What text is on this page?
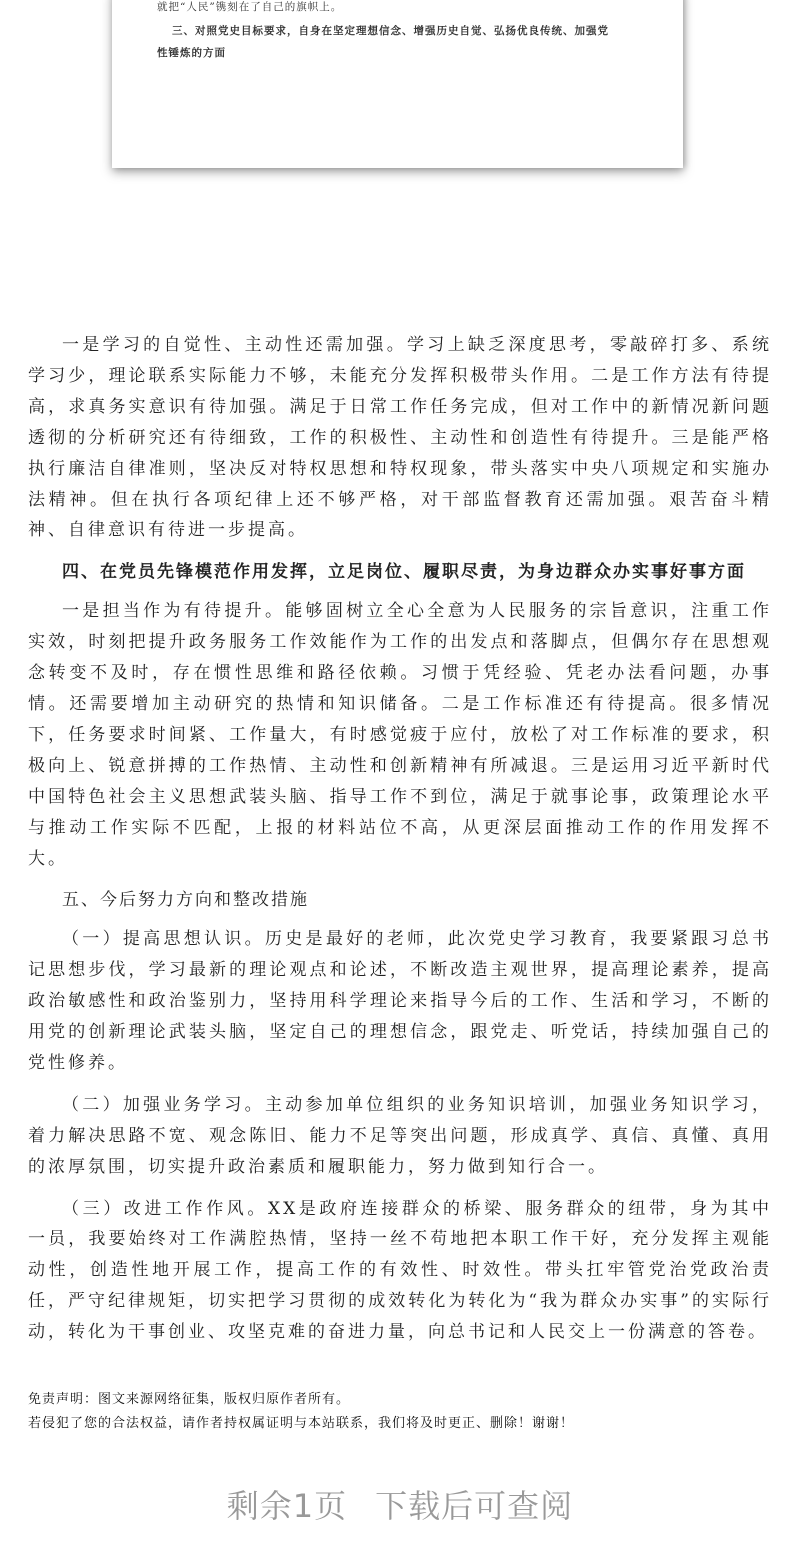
就把“人民”镌刻在了自己的旗帜上。
三、对照党史目标要求，自身在坚定理想信念、增强历史自觉、弘扬优良传统、加强党
性锤炼的方面

一是学习的自觉性、主动性还需加强。学习上缺乏深度思考，零敲碎打多、系统学习少，理论联系实际能力不够，未能充分发挥积极带头作用。二是工作方法有待提高，求真务实意识有待加强。满足于日常工作任务完成，但对工作中的新情况新问题透彻的分析研究还有待细致，工作的积极性、主动性和创造性有待提升。三是能严格执行廉洁自律准则，坚决反对特权思想和特权现象，带头落实中央八项规定和实施办法精神。但在执行各项纪律上还不够严格，对干部监督教育还需加强。艰苦奋斗精神、自律意识有待进一步提高。

四、在党员先锋模范作用发挥，立足岗位、履职尽责，为身边群众办实事好事方面

一是担当作为有待提升。能够固树立全心全意为人民服务的宗旨意识，注重工作实效，时刻把提升政务服务工作效能作为工作的出发点和落脚点，但偶尔存在思想观念转变不及时，存在惯性思维和路径依赖。习惯于凭经验、凭老办法看问题，办事情。还需要增加主动研究的热情和知识储备。二是工作标准还有待提高。很多情况下，任务要求时间紧、工作量大，有时感觉疲于应付，放松了对工作标准的要求，积极向上、锐意拼搏的工作热情、主动性和创新精神有所减退。三是运用习近平新时代中国特色社会主义思想武装头脑、指导工作不到位，满足于就事论事，政策理论水平与推动工作实际不匹配，上报的材料站位不高，从更深层面推动工作的作用发挥不大。

五、今后努力方向和整改措施

（一）提高思想认识。历史是最好的老师，此次党史学习教育，我要紧跟习总书记思想步伐，学习最新的理论观点和论述，不断改造主观世界，提高理论素养，提高政治敏感性和政治鉴别力，坚持用科学理论来指导今后的工作、生活和学习，不断的用党的创新理论武装头脑，坚定自己的理想信念，跟党走、听党话，持续加强自己的党性修养。

（二）加强业务学习。主动参加单位组织的业务知识培训，加强业务知识学习，着力解决思路不宽、观念陈旧、能力不足等突出问题，形成真学、真信、真懂、真用的浓厚氛围，切实提升政治素质和履职能力，努力做到知行合一。

（三）改进工作作风。XX是政府连接群众的桥梁、服务群众的纽带，身为其中一员，我要始终对工作满腔热情，坚持一丝不苟地把本职工作干好，充分发挥主观能动性，创造性地开展工作，提高工作的有效性、时效性。带头扛牢管党治党政治责任，严守纪律规矩，切实把学习贯彻的成效转化为转化为“我为群众办实事”的实际行动，转化为干事创业、攻坚克难的奋进力量，向总书记和人民交上一份满意的答卷。

免责声明：图文来源网络征集，版权归原作者所有。
若侵犯了您的合法权益，请作者持权属证明与本站联系，我们将及时更正、删除！谢谢！
剩余1页 下载后可查阅
